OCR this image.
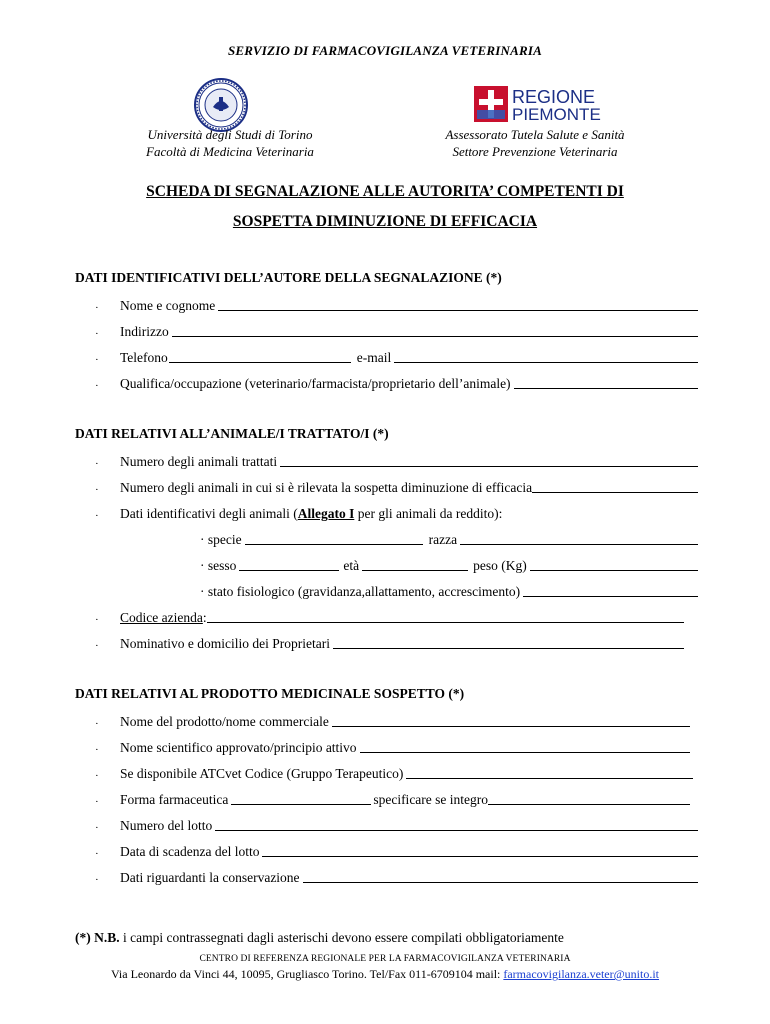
SERVIZIO DI FARMACOVIGILANZA VETERINARIA
REGIONE
PIEMONTE
Università degli Studi di Torino
Facoltà di Medicina Veterinaria
Assessorato Tutela Salute e Sanità
Settore Prevenzione Veterinaria
SCHEDA DI SEGNALAZIONE ALLE AUTORITA’ COMPETENTI DI
SOSPETTA DIMINUZIONE DI EFFICACIA
DATI IDENTIFICATIVI DELL’AUTORE DELLA SEGNALAZIONE (*)
·	Nome e cognome
·	Indirizzo
·	Telefono	e-mail
·	Qualifica/occupazione (veterinario/farmacista/proprietario dell’animale)
DATI RELATIVI ALL’ANIMALE/I TRATTATO/I (*)
·	Numero degli animali trattati
·	Numero degli animali in cui si è rilevata la sospetta diminuzione di efficacia
·	Dati identificativi degli animali (Allegato I per gli animali da reddito):
· specie	razza
· sesso	età	peso (Kg)
· stato fisiologico (gravidanza,allattamento, accrescimento)
·	Codice azienda:
·	Nominativo e domicilio dei Proprietari
DATI RELATIVI AL PRODOTTO MEDICINALE SOSPETTO (*)
·	Nome del prodotto/nome commerciale
·	Nome scientifico approvato/principio attivo
·	Se disponibile ATCvet Codice (Gruppo Terapeutico)
·	Forma farmaceutica	specificare se integro
·	Numero del lotto
·	Data di scadenza del lotto
·	Dati riguardanti la conservazione
(*) N.B. i campi contrassegnati dagli asterischi devono essere compilati obbligatoriamente
CENTRO DI REFERENZA REGIONALE PER LA FARMACOVIGILANZA VETERINARIA
Via Leonardo da Vinci 44, 10095, Grugliasco Torino. Tel/Fax 011-6709104 mail: farmacovigilanza.veter@unito.it
